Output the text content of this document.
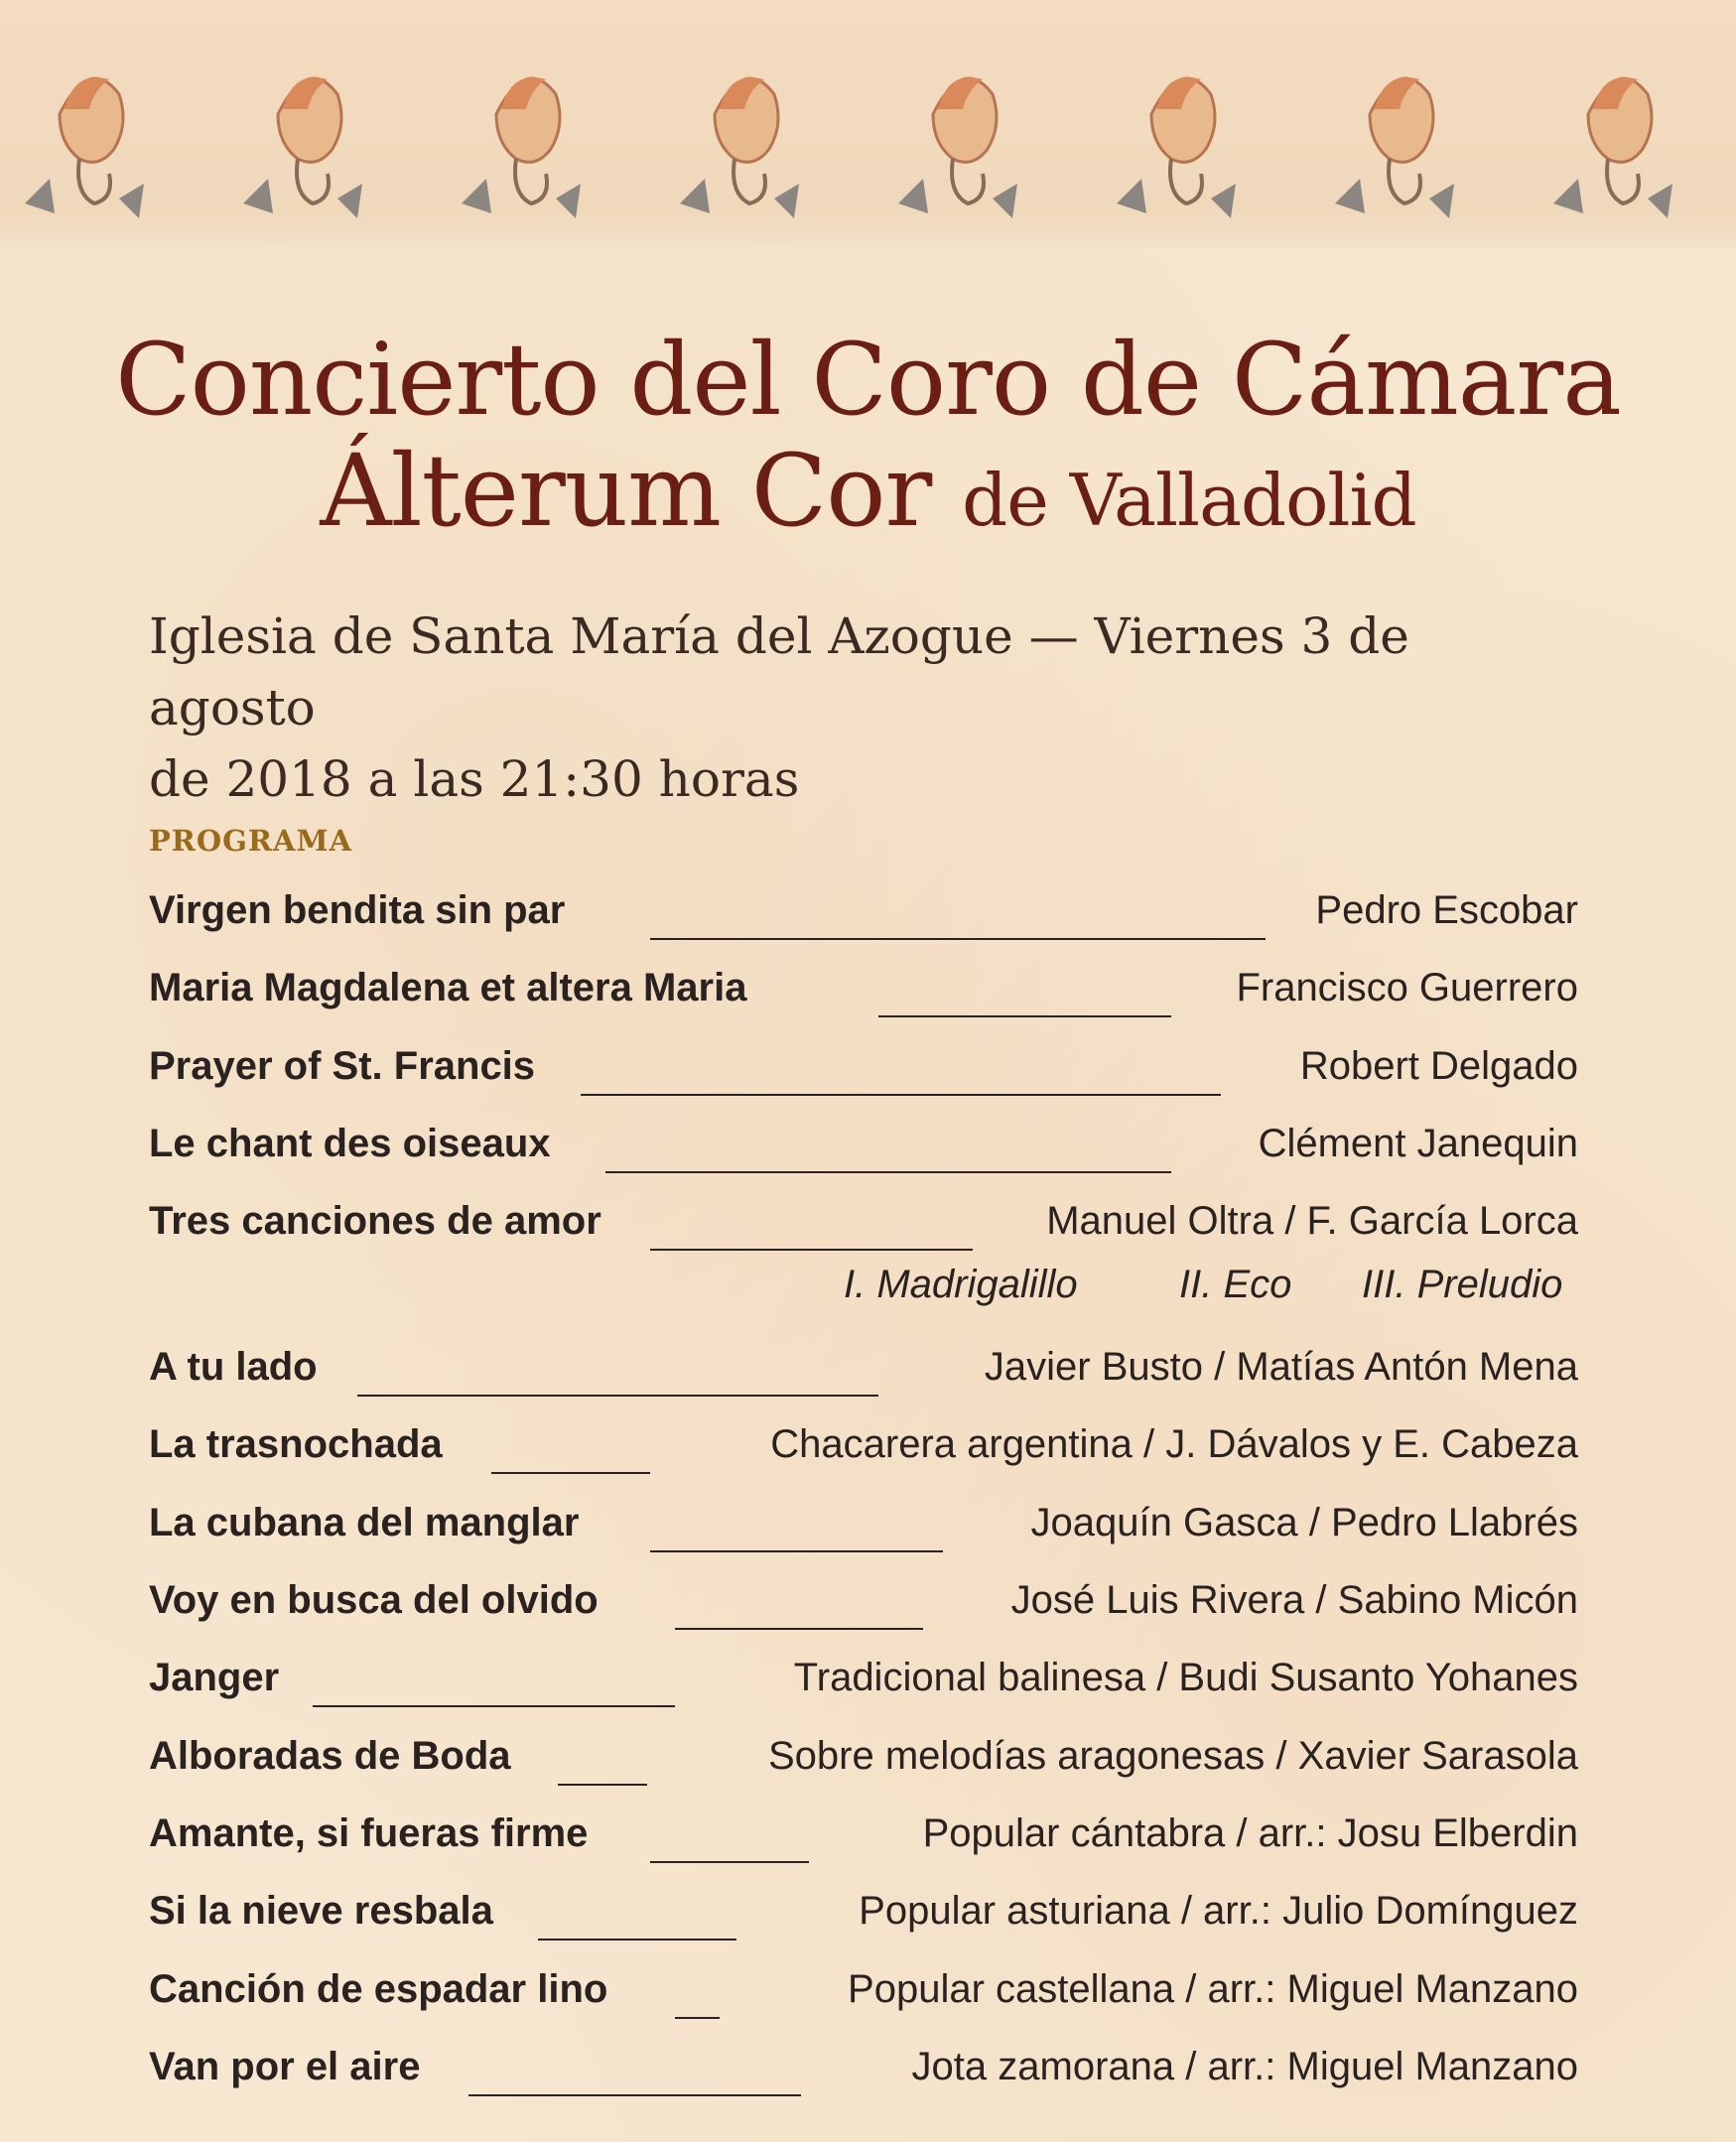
Concierto del Coro de Cámara
Álterum Cor de Valladolid
Iglesia de Santa María del Azogue — Viernes 3 de agosto
de 2018 a las 21:30 horas
PROGRAMA
Virgen bendita sin par	Pedro Escobar
Maria Magdalena et altera Maria	Francisco Guerrero
Prayer of St. Francis	Robert Delgado
Le chant des oiseaux	Clément Janequin
Tres canciones de amor	Manuel Oltra / F. García Lorca
I. Madrigalillo	II. Eco III. Preludio
A tu lado	Javier Busto / Matías Antón Mena
La trasnochada	Chacarera argentina / J. Dávalos y E. Cabeza
La cubana del manglar	Joaquín Gasca / Pedro Llabrés
Voy en busca del olvido	José Luis Rivera / Sabino Micón
Janger	Tradicional balinesa / Budi Susanto Yohanes
Alboradas de Boda	Sobre melodías aragonesas / Xavier Sarasola
Amante, si fueras firme	Popular cántabra / arr.: Josu Elberdin
Si la nieve resbala	Popular asturiana / arr.: Julio Domínguez
Canción de espadar lino	Popular castellana / arr.: Miguel Manzano
Van por el aire	Jota zamorana / arr.: Miguel Manzano
